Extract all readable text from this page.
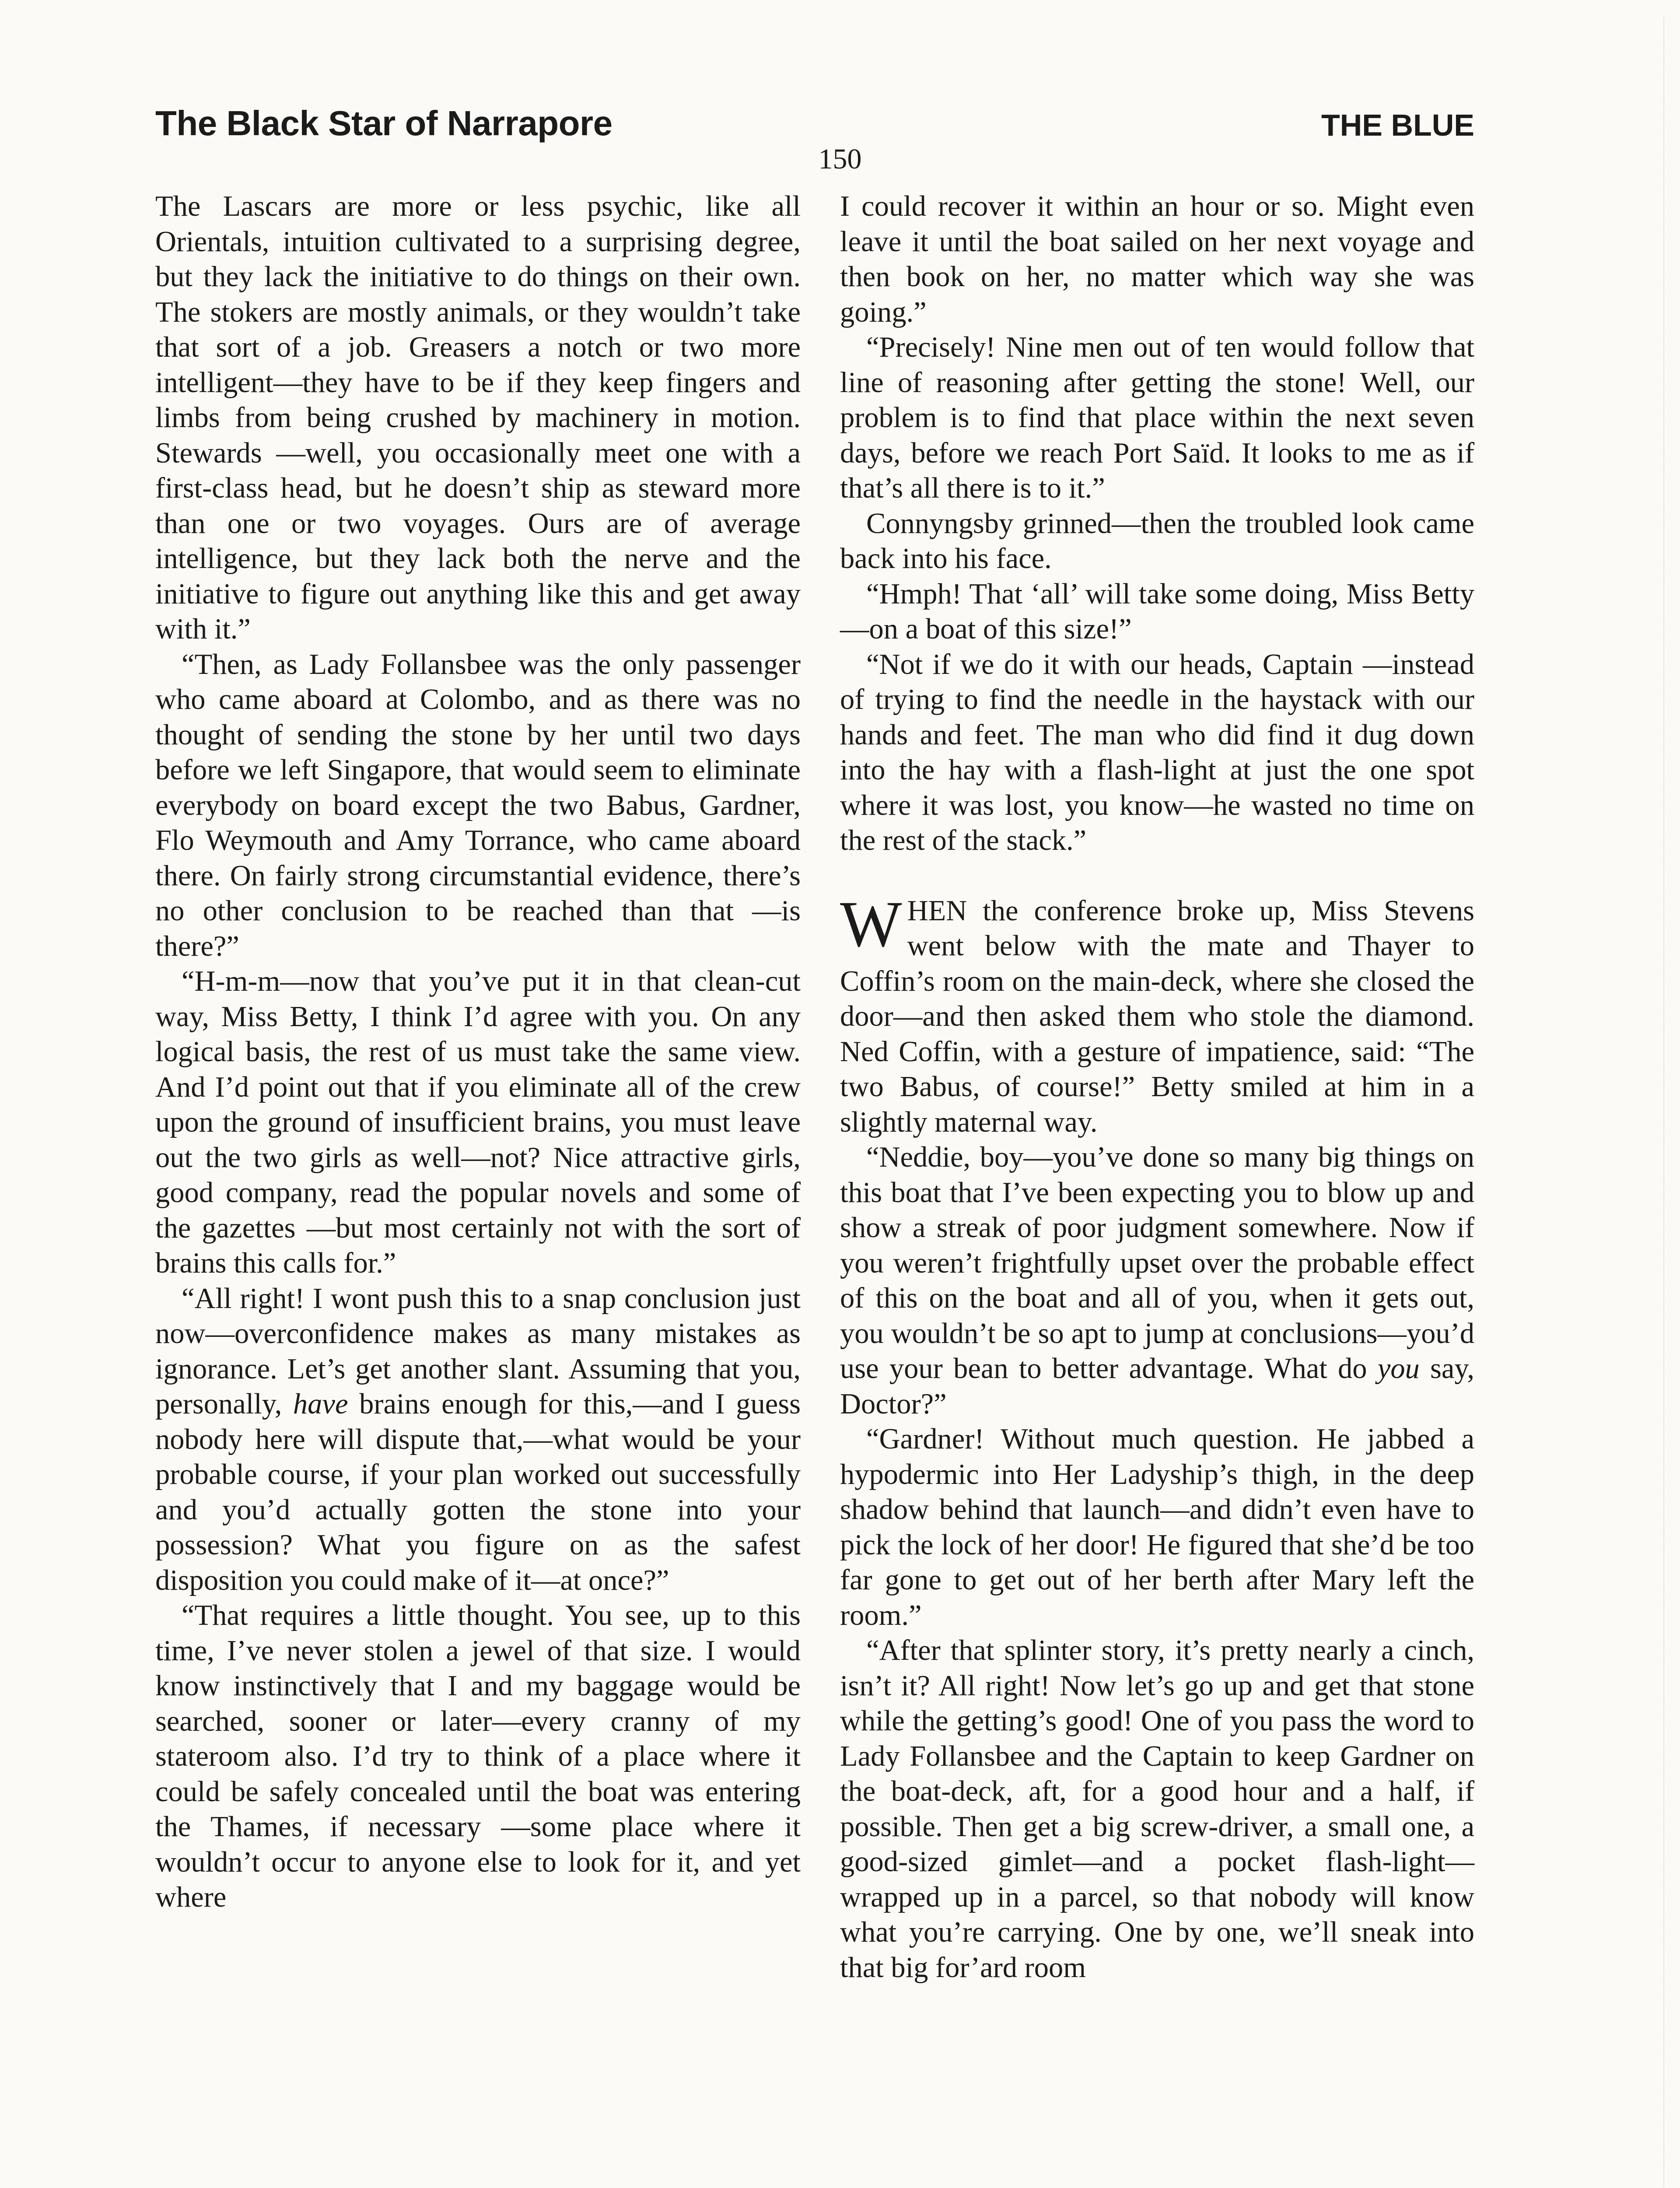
The Black Star of Narrapore	THE BLUE
150

The Lascars are more or less psychic, like all Orientals, intuition cultivated to a surprising degree, but they lack the initiative to do things on their own. The stokers are mostly animals, or they wouldn’t take that sort of a job. Greasers a notch or two more intelligent—they have to be if they keep fingers and limbs from being crushed by machinery in motion. Stewards —well, you occasionally meet one with a first-class head, but he doesn’t ship as steward more than one or two voyages. Ours are of average intelligence, but they lack both the nerve and the initiative to figure out anything like this and get away with it.”

“Then, as Lady Follansbee was the only passenger who came aboard at Colombo, and as there was no thought of sending the stone by her until two days before we left Singapore, that would seem to eliminate everybody on board except the two Babus, Gardner, Flo Weymouth and Amy Torrance, who came aboard there. On fairly strong circumstantial evidence, there’s no other conclusion to be reached than that —is there?”

“H-m-m—now that you’ve put it in that clean-cut way, Miss Betty, I think I’d agree with you. On any logical basis, the rest of us must take the same view. And I’d point out that if you eliminate all of the crew upon the ground of insufficient brains, you must leave out the two girls as well—not? Nice attractive girls, good company, read the popular novels and some of the gazettes —but most certainly not with the sort of brains this calls for.”

“All right! I wont push this to a snap conclusion just now—overconfidence makes as many mistakes as ignorance. Let’s get another slant. Assuming that you, personally, have brains enough for this,—and I guess nobody here will dispute that,—what would be your probable course, if your plan worked out successfully and you’d actually gotten the stone into your possession? What you figure on as the safest disposition you could make of it—at once?”

“That requires a little thought. You see, up to this time, I’ve never stolen a jewel of that size. I would know instinctively that I and my baggage would be searched, sooner or later—every cranny of my stateroom also. I’d try to think of a place where it could be safely concealed until the boat was entering the Thames, if necessary —some place where it wouldn’t occur to anyone else to look for it, and yet where

I could recover it within an hour or so. Might even leave it until the boat sailed on her next voyage and then book on her, no matter which way she was going.”

“Precisely! Nine men out of ten would follow that line of reasoning after getting the stone! Well, our problem is to find that place within the next seven days, before we reach Port Saïd. It looks to me as if that’s all there is to it.”

Connyngsby grinned—then the troubled look came back into his face.

“Hmph! That ‘all’ will take some doing, Miss Betty—on a boat of this size!”

“Not if we do it with our heads, Captain —instead of trying to find the needle in the haystack with our hands and feet. The man who did find it dug down into the hay with a flash-light at just the one spot where it was lost, you know—he wasted no time on the rest of the stack.”

WHEN the conference broke up, Miss Stevens went below with the mate and Thayer to Coffin’s room on the main-deck, where she closed the door—and then asked them who stole the diamond. Ned Coffin, with a gesture of impatience, said: “The two Babus, of course!” Betty smiled at him in a slightly maternal way.

“Neddie, boy—you’ve done so many big things on this boat that I’ve been expecting you to blow up and show a streak of poor judgment somewhere. Now if you weren’t frightfully upset over the probable effect of this on the boat and all of you, when it gets out, you wouldn’t be so apt to jump at conclusions—you’d use your bean to better advantage. What do you say, Doctor?”

“Gardner! Without much question. He jabbed a hypodermic into Her Ladyship’s thigh, in the deep shadow behind that launch—and didn’t even have to pick the lock of her door! He figured that she’d be too far gone to get out of her berth after Mary left the room.”

“After that splinter story, it’s pretty nearly a cinch, isn’t it? All right! Now let’s go up and get that stone while the getting’s good! One of you pass the word to Lady Follansbee and the Captain to keep Gardner on the boat-deck, aft, for a good hour and a half, if possible. Then get a big screw-driver, a small one, a good-sized gimlet—and a pocket flash-light—wrapped up in a parcel, so that nobody will know what you’re carrying. One by one, we’ll sneak into that big for’ard room
